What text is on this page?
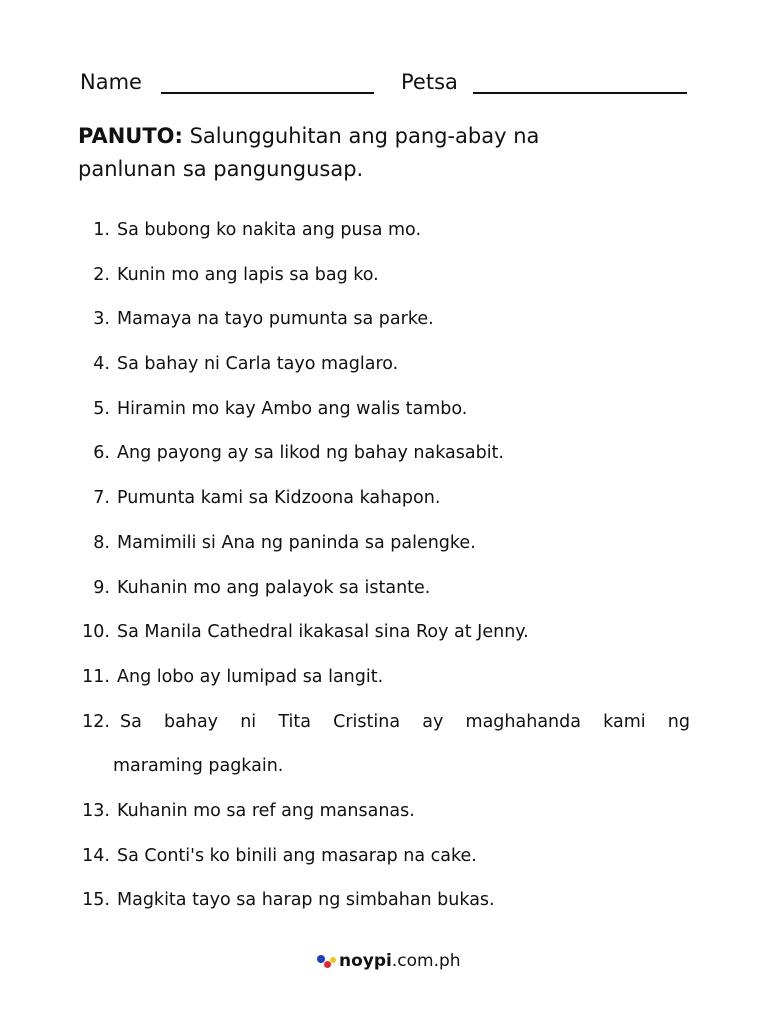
Name	Petsa
PANUTO: Salungguhitan ang pang-abay na panlunan sa pangungusap.
1. Sa bubong ko nakita ang pusa mo.
2. Kunin mo ang lapis sa bag ko.
3. Mamaya na tayo pumunta sa parke.
4. Sa bahay ni Carla tayo maglaro.
5. Hiramin mo kay Ambo ang walis tambo.
6. Ang payong ay sa likod ng bahay nakasabit.
7. Pumunta kami sa Kidzoona kahapon.
8. Mamimili si Ana ng paninda sa palengke.
9. Kuhanin mo ang palayok sa istante.
10. Sa Manila Cathedral ikakasal sina Roy at Jenny.
11. Ang lobo ay lumipad sa langit.
12. Sa bahay ni Tita Cristina ay maghahanda kami ng
maraming pagkain.
13. Kuhanin mo sa ref ang mansanas.
14. Sa Conti's ko binili ang masarap na cake.
15. Magkita tayo sa harap ng simbahan bukas.
noypi .com.ph
